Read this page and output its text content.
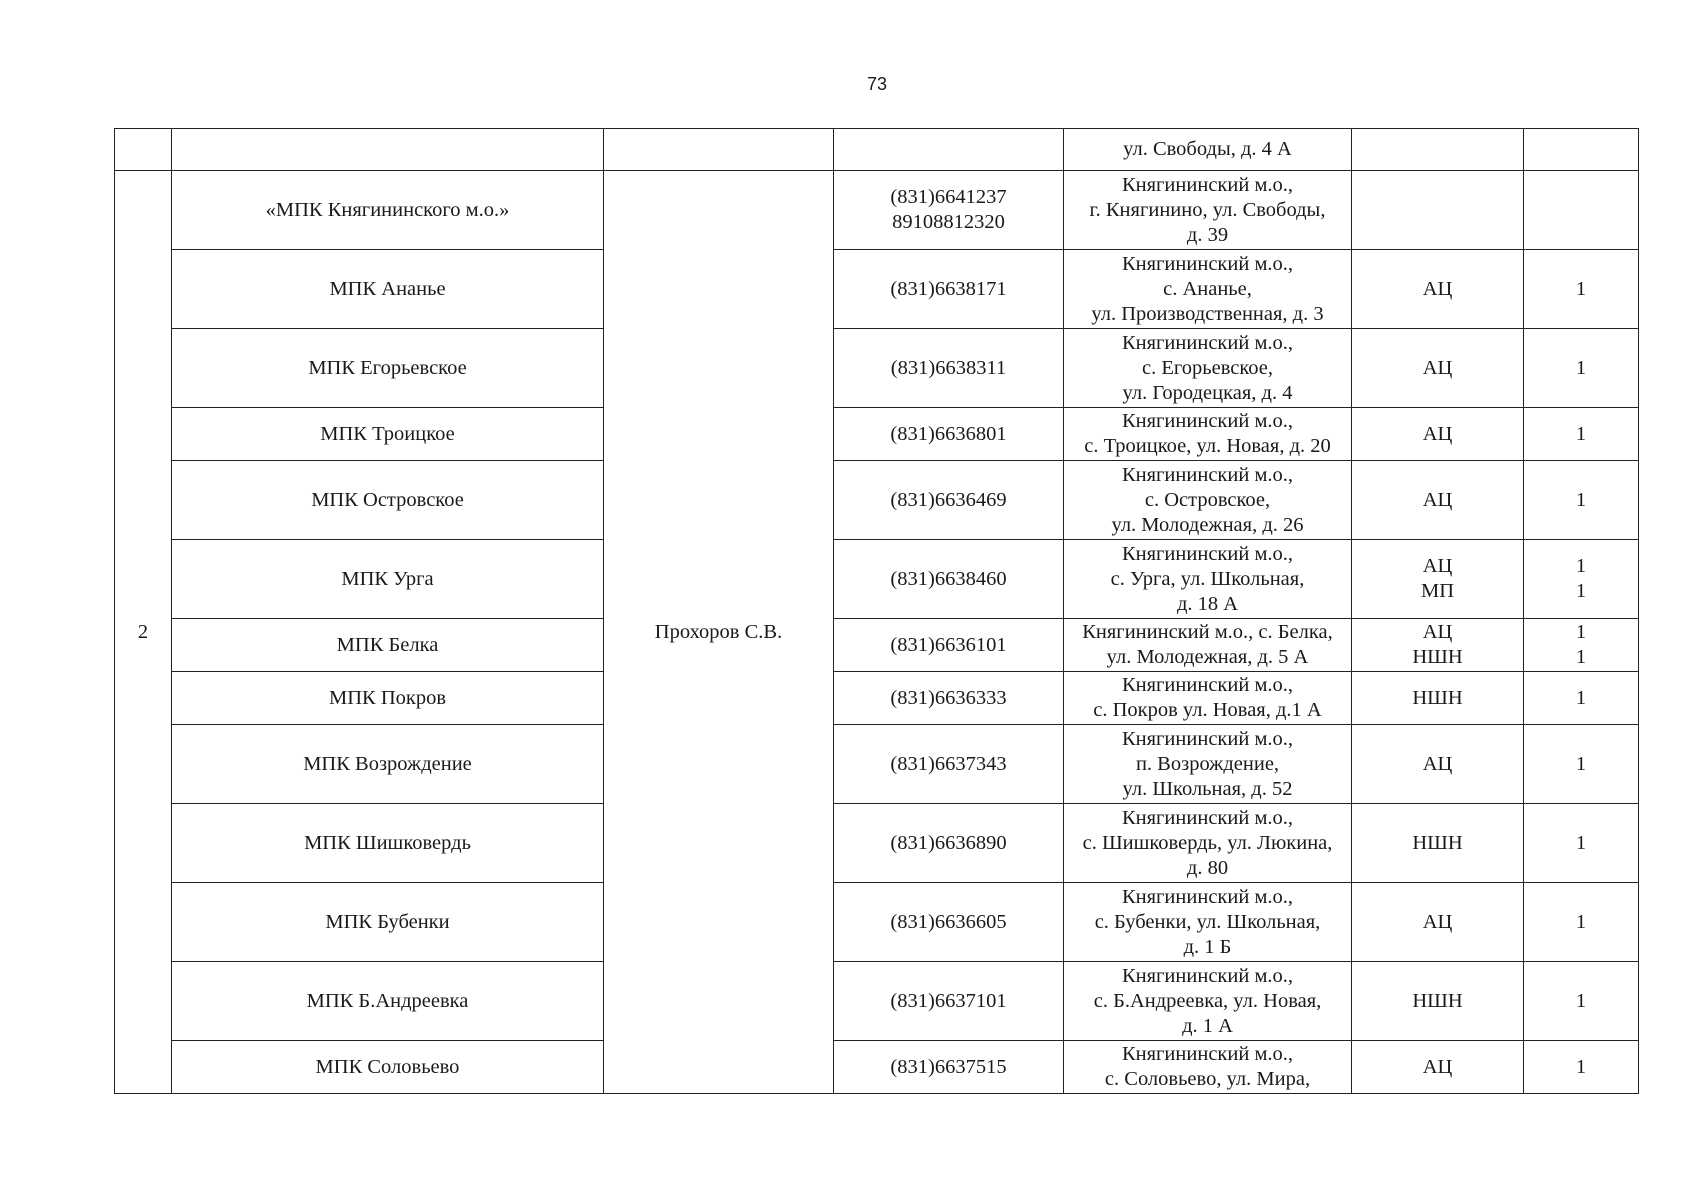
73
				ул. Свободы, д. 4 А		
2	«МПК Княгининского м.о.»	Прохоров С.В.	(831)6641237
89108812320	Княгининский м.о.,
г. Княгинино, ул. Свободы,
д. 39		
	МПК Ананье		(831)6638171	Княгининский м.о.,
с. Ананье,
ул. Производственная, д. 3	АЦ	1
	МПК Егорьевское		(831)6638311	Княгининский м.о.,
с. Егорьевское,
ул. Городецкая, д. 4	АЦ	1
	МПК Троицкое		(831)6636801	Княгининский м.о.,
с. Троицкое, ул. Новая, д. 20	АЦ	1
	МПК Островское		(831)6636469	Княгининский м.о.,
с. Островское,
ул. Молодежная, д. 26	АЦ	1
	МПК Урга		(831)6638460	Княгининский м.о.,
с. Урга, ул. Школьная,
д. 18 А	АЦ
МП	1
1
	МПК Белка		(831)6636101	Княгининский м.о., с. Белка,
ул. Молодежная, д. 5 А	АЦ
НШН	1
1
	МПК Покров		(831)6636333	Княгининский м.о.,
с. Покров ул. Новая, д.1 А	НШН	1
	МПК Возрождение		(831)6637343	Княгининский м.о.,
п. Возрождение,
ул. Школьная, д. 52	АЦ	1
	МПК Шишковердь		(831)6636890	Княгининский м.о.,
с. Шишковердь, ул. Люкина,
д. 80	НШН	1
	МПК Бубенки		(831)6636605	Княгининский м.о.,
с. Бубенки, ул. Школьная,
д. 1 Б	АЦ	1
	МПК Б.Андреевка		(831)6637101	Княгининский м.о.,
с. Б.Андреевка, ул. Новая,
д. 1 А	НШН	1
	МПК Соловьево		(831)6637515	Княгининский м.о.,
с. Соловьево, ул. Мира,	АЦ	1
